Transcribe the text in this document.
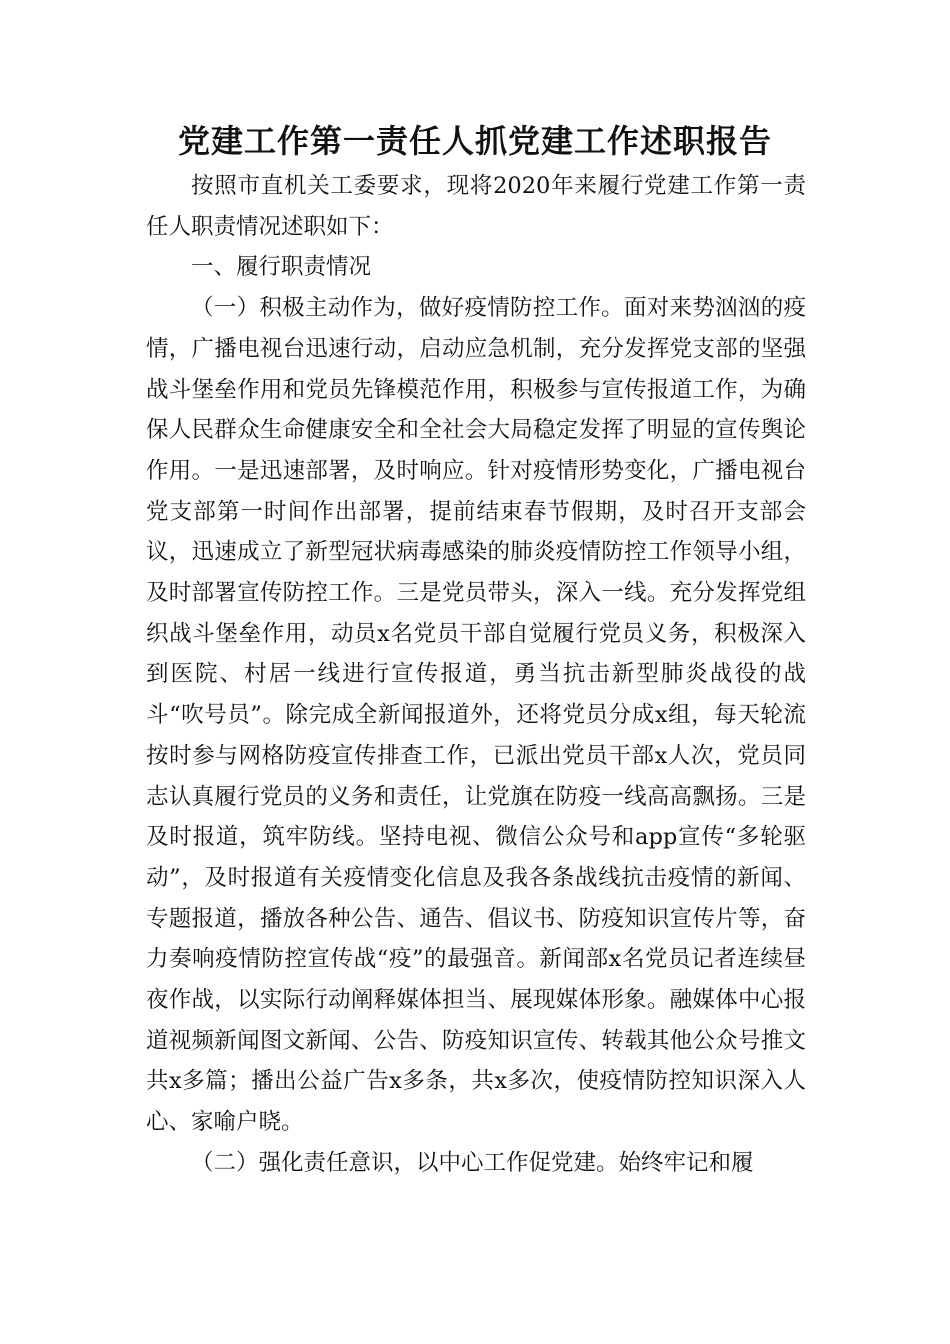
党建工作第一责任人抓党建工作述职报告

按照市直机关工委要求，现将2020年来履行党建工作第一责任人职责情况述职如下：

一、履行职责情况

（一）积极主动作为，做好疫情防控工作。面对来势汹汹的疫情，广播电视台迅速行动，启动应急机制，充分发挥党支部的坚强战斗堡垒作用和党员先锋模范作用，积极参与宣传报道工作，为确保人民群众生命健康安全和全社会大局稳定发挥了明显的宣传舆论作用。一是迅速部署，及时响应。针对疫情形势变化，广播电视台党支部第一时间作出部署，提前结束春节假期，及时召开支部会议，迅速成立了新型冠状病毒感染的肺炎疫情防控工作领导小组，及时部署宣传防控工作。三是党员带头，深入一线。充分发挥党组织战斗堡垒作用，动员x名党员干部自觉履行党员义务，积极深入到医院、村居一线进行宣传报道，勇当抗击新型肺炎战役的战斗“吹号员”。除完成全新闻报道外，还将党员分成x组，每天轮流按时参与网格防疫宣传排查工作，已派出党员干部x人次，党员同志认真履行党员的义务和责任，让党旗在防疫一线高高飘扬。三是及时报道，筑牢防线。坚持电视、微信公众号和app宣传“多轮驱动”，及时报道有关疫情变化信息及我各条战线抗击疫情的新闻、专题报道，播放各种公告、通告、倡议书、防疫知识宣传片等，奋力奏响疫情防控宣传战“疫”的最强音。新闻部x名党员记者连续昼夜作战，以实际行动阐释媒体担当、展现媒体形象。融媒体中心报道视频新闻图文新闻、公告、防疫知识宣传、转载其他公众号推文共x多篇；播出公益广告x多条，共x多次，使疫情防控知识深入人心、家喻户晓。

（二）强化责任意识，以中心工作促党建。始终牢记和履
